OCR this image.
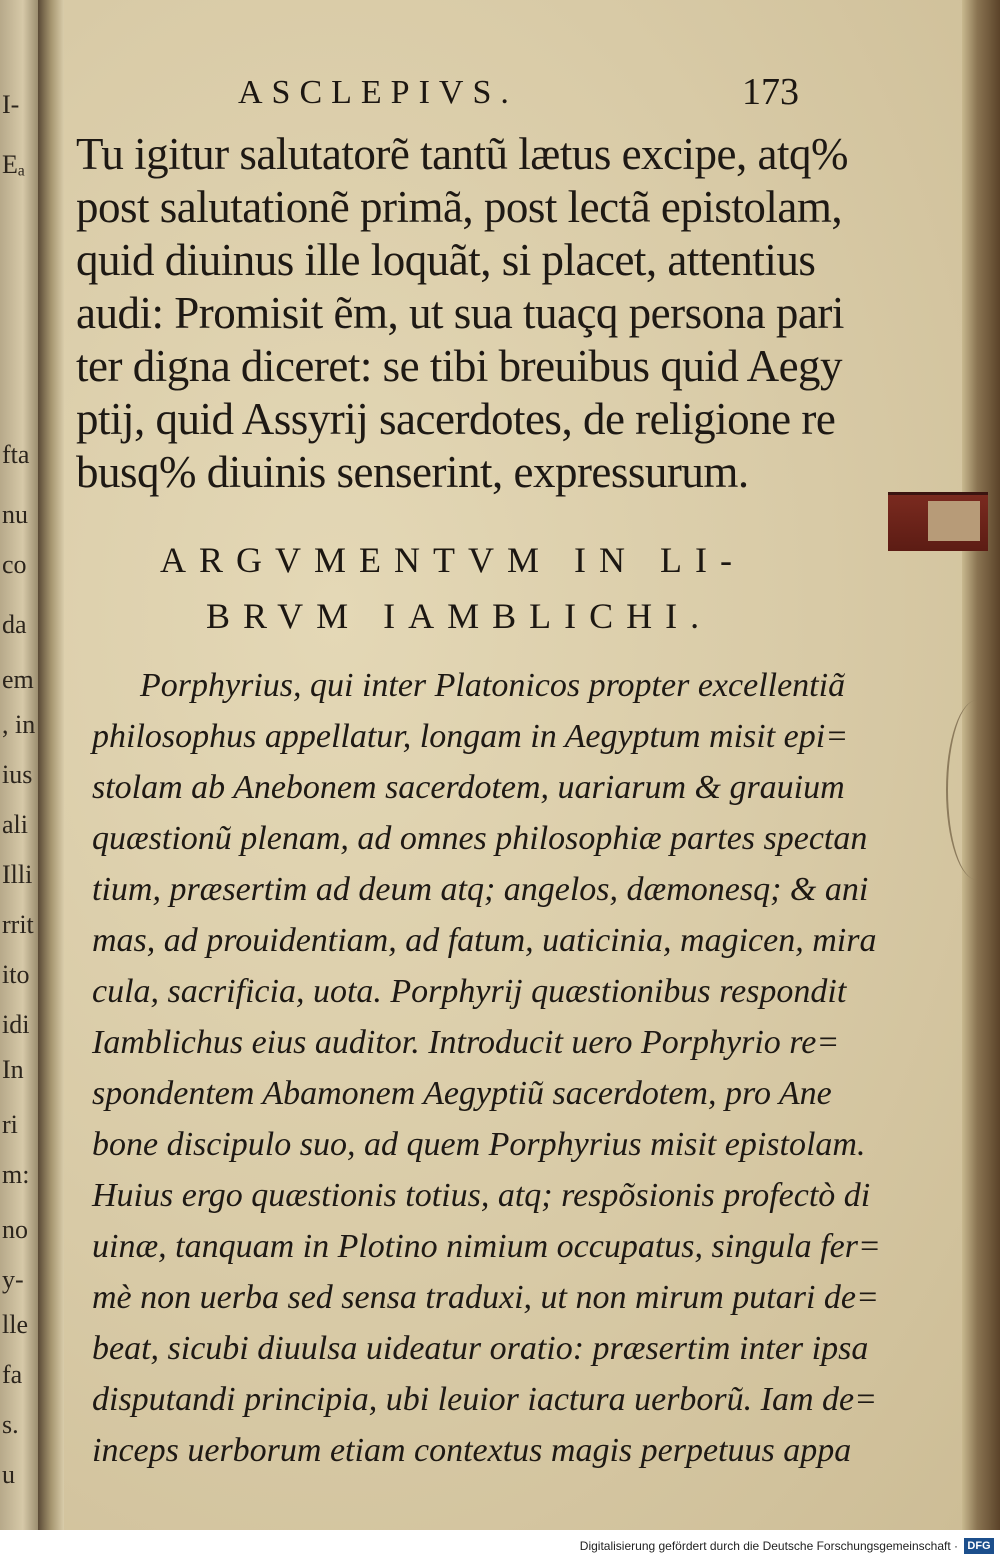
I-
Eₐ
fta
nu
co
da
em
, in
ius
ali
Illi
rrit
ito
idi
In
ri
m:
no
y-
lle
fa
s.
u
ASCLEPIVS.	173
Tu igitur salutatorẽ tantũ lætus excipe, atq%
post salutationẽ primã, post lectã epistolam,
quid diuinus ille loquãt, si placet, attentius
audi: Promisit ẽm, ut sua tuaçq persona pari
ter digna diceret: se tibi breuibus quid Aegy
ptij, quid Assyrij sacerdotes, de religione re
busq% diuinis senserint, expressurum.
ARGVMENTVM IN LI-
BRVM IAMBLICHI.
Porphyrius, qui inter Platonicos propter excellentiã
philosophus appellatur, longam in Aegyptum misit epi=
stolam ab Anebonem sacerdotem, uariarum & grauium
quæstionũ plenam, ad omnes philosophiæ partes spectan
tium, præsertim ad deum atq; angelos, dæmonesq; & ani
mas, ad prouidentiam, ad fatum, uaticinia, magicen, mira
cula, sacrificia, uota. Porphyrij quæstionibus respondit
Iamblichus eius auditor. Introducit uero Porphyrio re=
spondentem Abamonem Aegyptiũ sacerdotem, pro Ane
bone discipulo suo, ad quem Porphyrius misit epistolam.
Huius ergo quæstionis totius, atq; respõsionis profectò di
uinæ, tanquam in Plotino nimium occupatus, singula fer=
mè non uerba sed sensa traduxi, ut non mirum putari de=
beat, sicubi diuulsa uideatur oratio: præsertim inter ipsa
disputandi principia, ubi leuior iactura uerborũ. Iam de=
inceps uerborum etiam contextus magis perpetuus appa
Digitalisierung gefördert durch die Deutsche Forschungsgemeinschaft · DFG
